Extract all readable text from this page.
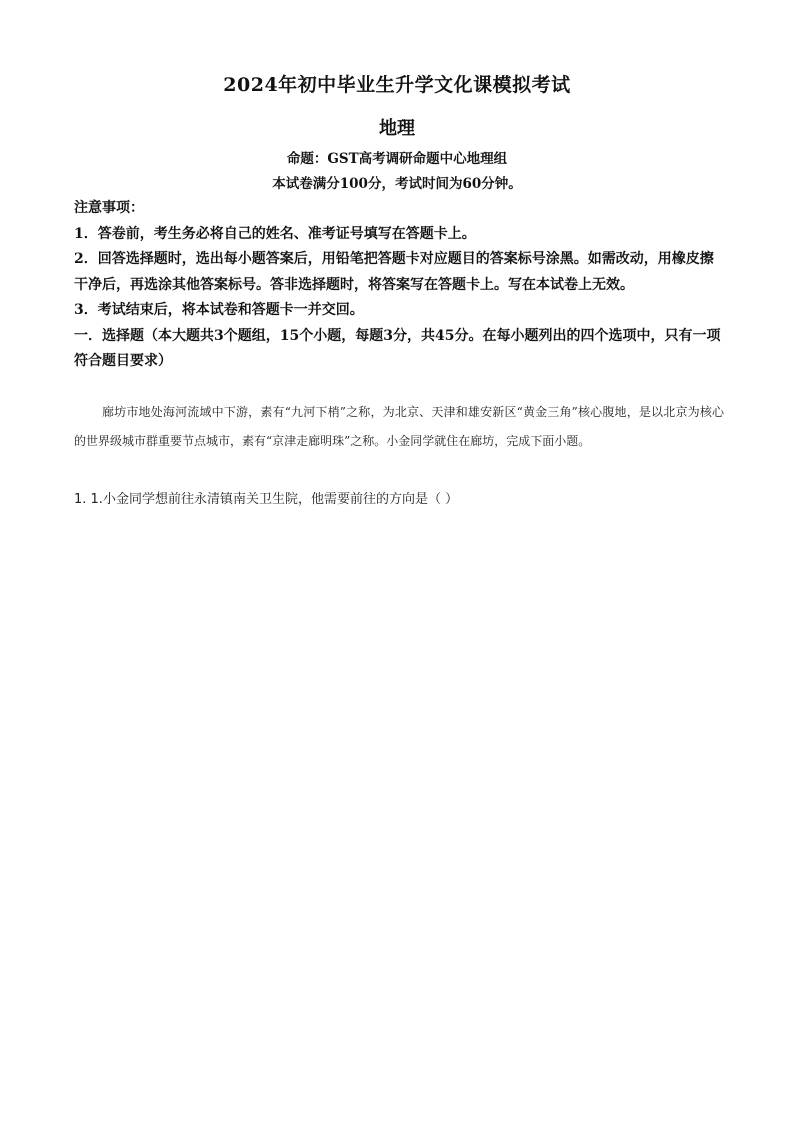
2024年初中毕业生升学文化课模拟考试
地理
命题：GST高考调研命题中心地理组
本试卷满分100分，考试时间为60分钟。

注意事项：

1．答卷前，考生务必将自己的姓名、准考证号填写在答题卡上。

2．回答选择题时，选出每小题答案后，用铅笔把答题卡对应题目的答案标号涂黑。如需改动，用橡皮擦干净后，再选涂其他答案标号。答非选择题时，将答案写在答题卡上。写在本试卷上无效。

3．考试结束后，将本试卷和答题卡一并交回。

一．选择题（本大题共3个题组，15个小题，每题3分，共45分。在每小题列出的四个选项中，只有一项符合题目要求）

廊坊市地处海河流域中下游，素有“九河下梢”之称，为北京、天津和雄安新区“黄金三角”核心腹地，是以北京为核心的世界级城市群重要节点城市，素有“京津走廊明珠”之称。小金同学就住在廊坊，完成下面小题。
1. 1.小金同学想前往永清镇南关卫生院，他需要前往的方向是（ ）
